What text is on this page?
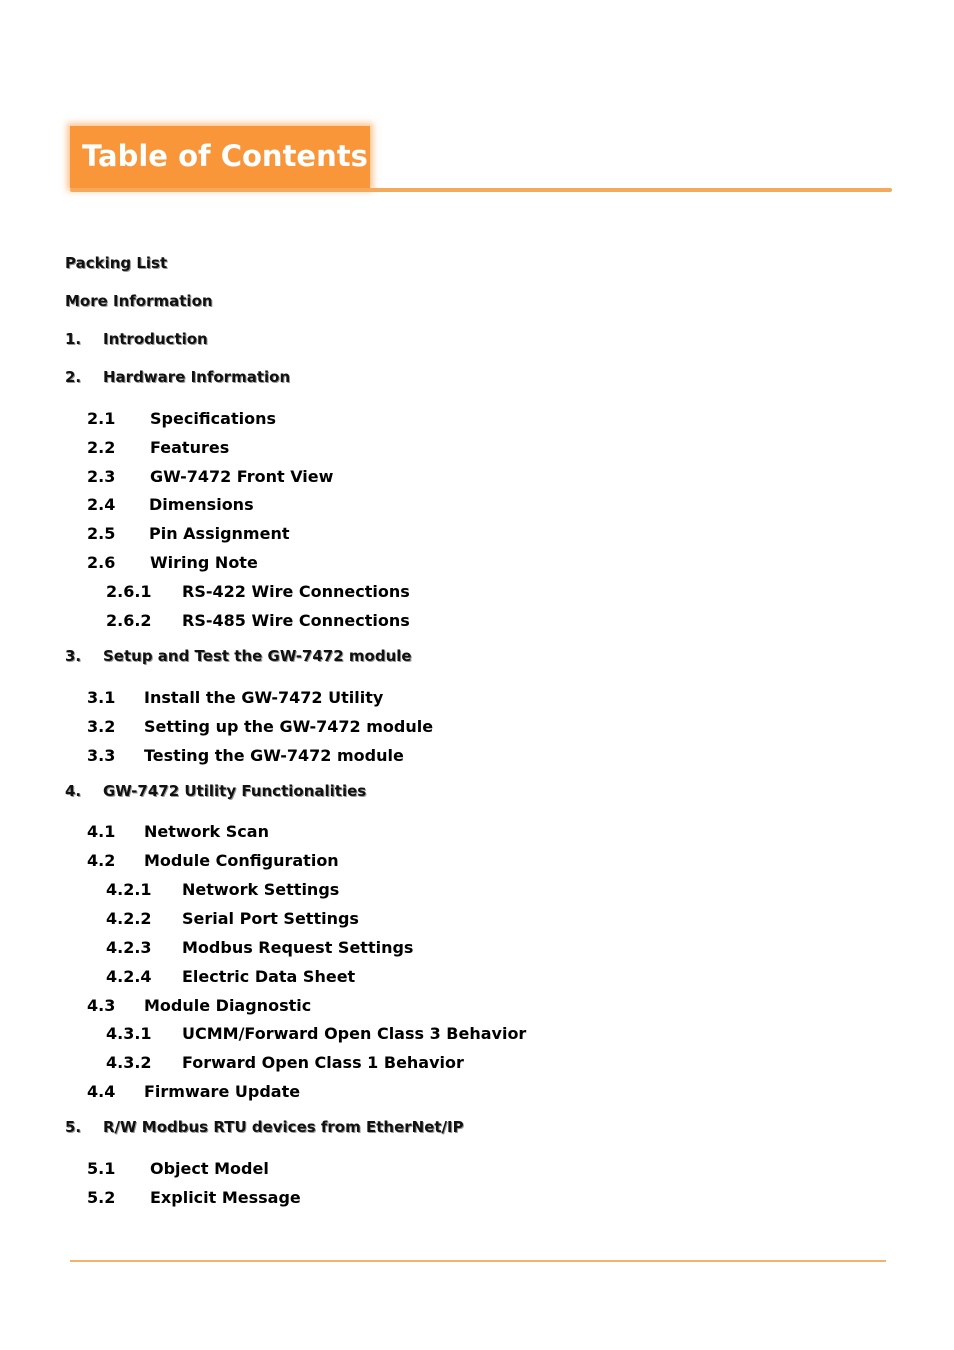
Table of Contents
Packing List
More Information
1. Introduction
2. Hardware Information
2.1 Specifications
2.2 Features
2.3 GW-7472 Front View
2.4 Dimensions
2.5 Pin Assignment
2.6 Wiring Note
2.6.1 RS-422 Wire Connections
2.6.2 RS-485 Wire Connections
3. Setup and Test the GW-7472 module
3.1 Install the GW-7472 Utility
3.2 Setting up the GW-7472 module
3.3 Testing the GW-7472 module
4. GW-7472 Utility Functionalities
4.1 Network Scan
4.2 Module Configuration
4.2.1 Network Settings
4.2.2 Serial Port Settings
4.2.3 Modbus Request Settings
4.2.4 Electric Data Sheet
4.3 Module Diagnostic
4.3.1 UCMM/Forward Open Class 3 Behavior
4.3.2 Forward Open Class 1 Behavior
4.4 Firmware Update
5. R/W Modbus RTU devices from EtherNet/IP
5.1 Object Model
5.2 Explicit Message
